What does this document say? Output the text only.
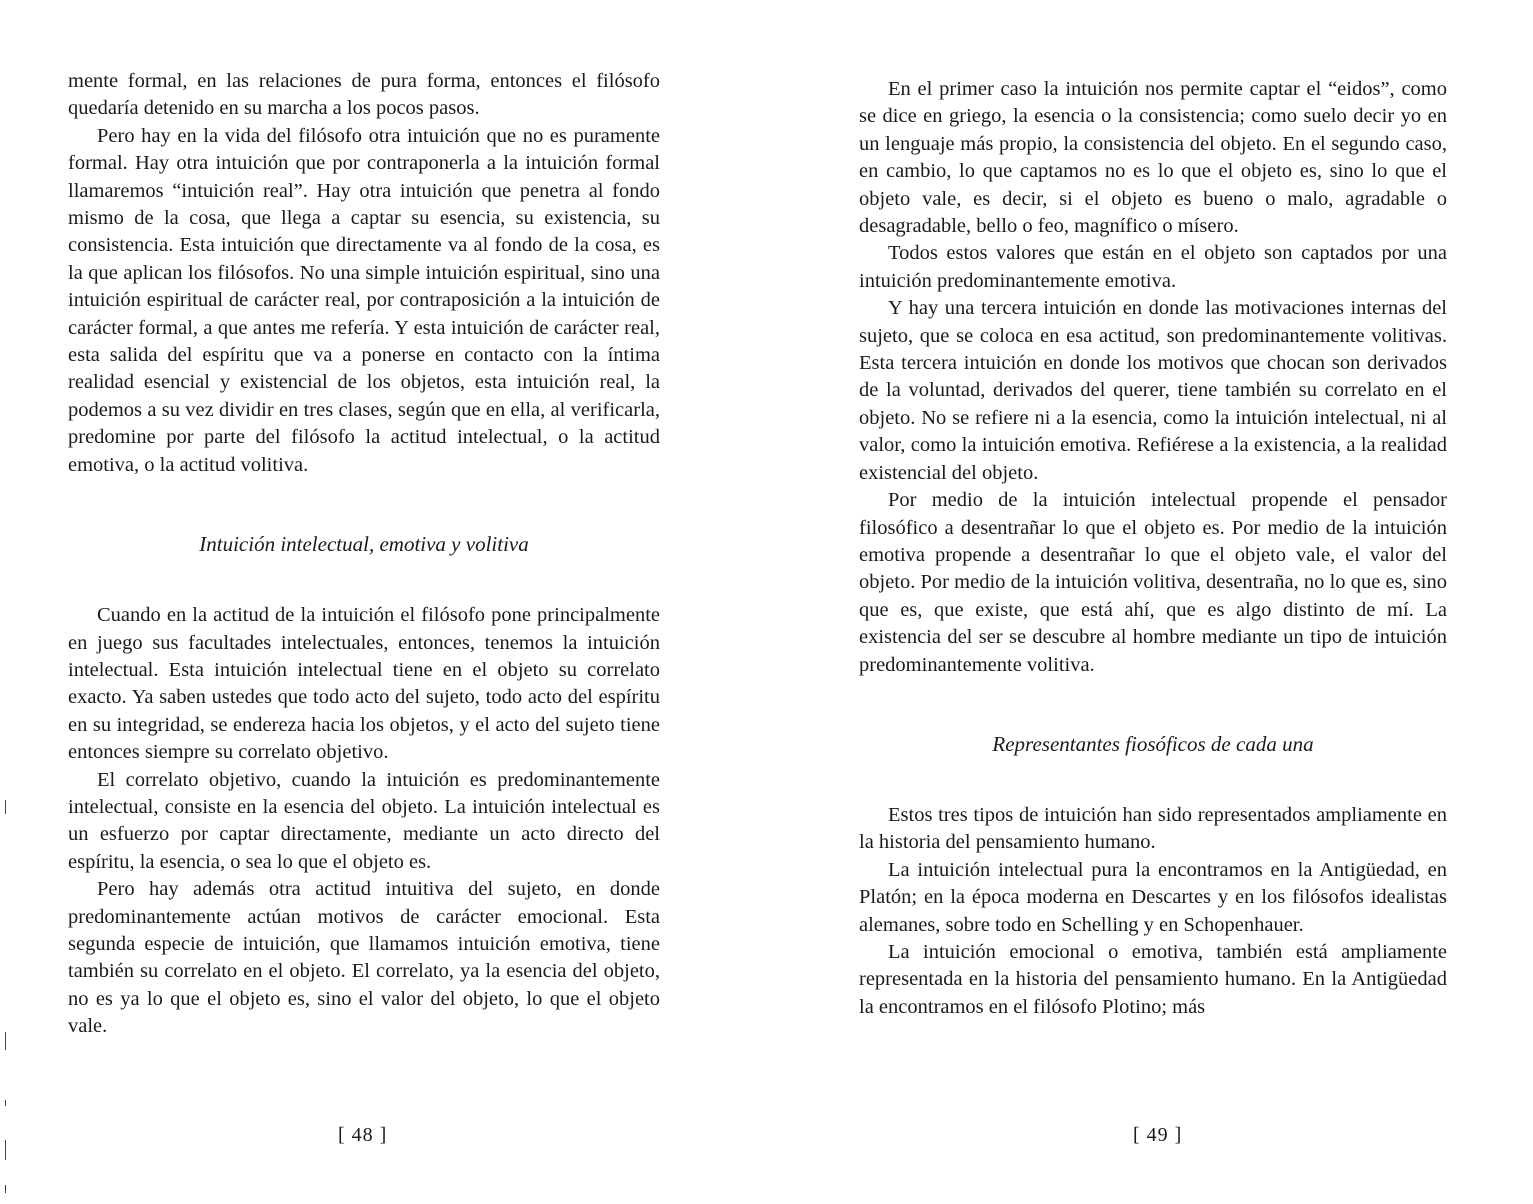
mente formal, en las relaciones de pura forma, entonces el filósofo quedaría detenido en su marcha a los pocos pasos.

Pero hay en la vida del filósofo otra intuición que no es puramente formal. Hay otra intuición que por contraponerla a la intuición formal llamaremos “intuición real”. Hay otra intuición que penetra al fondo mismo de la cosa, que llega a captar su esencia, su existencia, su consistencia. Esta intuición que directamente va al fondo de la cosa, es la que aplican los filósofos. No una simple intuición espiritual, sino una intuición espiritual de carácter real, por contraposición a la intuición de carácter formal, a que antes me refería. Y esta intuición de carácter real, esta salida del espíritu que va a ponerse en contacto con la íntima realidad esencial y existencial de los objetos, esta intuición real, la podemos a su vez dividir en tres clases, según que en ella, al verificarla, predomine por parte del filósofo la actitud intelectual, o la actitud emotiva, o la actitud volitiva.

Intuición intelectual, emotiva y volitiva

Cuando en la actitud de la intuición el filósofo pone principalmente en juego sus facultades intelectuales, entonces, tenemos la intuición intelectual. Esta intuición intelectual tiene en el objeto su correlato exacto. Ya saben ustedes que todo acto del sujeto, todo acto del espíritu en su integridad, se endereza hacia los objetos, y el acto del sujeto tiene entonces siempre su correlato objetivo.

El correlato objetivo, cuando la intuición es predominantemente intelectual, consiste en la esencia del objeto. La intuición intelectual es un esfuerzo por captar directamente, mediante un acto directo del espíritu, la esencia, o sea lo que el objeto es.

Pero hay además otra actitud intuitiva del sujeto, en donde predominantemente actúan motivos de carácter emocional. Esta segunda especie de intuición, que llamamos intuición emotiva, tiene también su correlato en el objeto. El correlato, ya la esencia del objeto, no es ya lo que el objeto es, sino el valor del objeto, lo que el objeto vale.

[ 48 ]

En el primer caso la intuición nos permite captar el “eidos”, como se dice en griego, la esencia o la consistencia; como suelo decir yo en un lenguaje más propio, la consistencia del objeto. En el segundo caso, en cambio, lo que captamos no es lo que el objeto es, sino lo que el objeto vale, es decir, si el objeto es bueno o malo, agradable o desagradable, bello o feo, magnífico o mísero.

Todos estos valores que están en el objeto son captados por una intuición predominantemente emotiva.

Y hay una tercera intuición en donde las motivaciones internas del sujeto, que se coloca en esa actitud, son predominantemente volitivas. Esta tercera intuición en donde los motivos que chocan son derivados de la voluntad, derivados del querer, tiene también su correlato en el objeto. No se refiere ni a la esencia, como la intuición intelectual, ni al valor, como la intuición emotiva. Refiérese a la existencia, a la realidad existencial del objeto.

Por medio de la intuición intelectual propende el pensador filosófico a desentrañar lo que el objeto es. Por medio de la intuición emotiva propende a desentrañar lo que el objeto vale, el valor del objeto. Por medio de la intuición volitiva, desentraña, no lo que es, sino que es, que existe, que está ahí, que es algo distinto de mí. La existencia del ser se descubre al hombre mediante un tipo de intuición predominantemente volitiva.

Representantes fiosóficos de cada una

Estos tres tipos de intuición han sido representados ampliamente en la historia del pensamiento humano.

La intuición intelectual pura la encontramos en la Antigüedad, en Platón; en la época moderna en Descartes y en los filósofos idealistas alemanes, sobre todo en Schelling y en Schopenhauer.

La intuición emocional o emotiva, también está ampliamente representada en la historia del pensamiento humano. En la Antigüedad la encontramos en el filósofo Plotino; más

[ 49 ]
